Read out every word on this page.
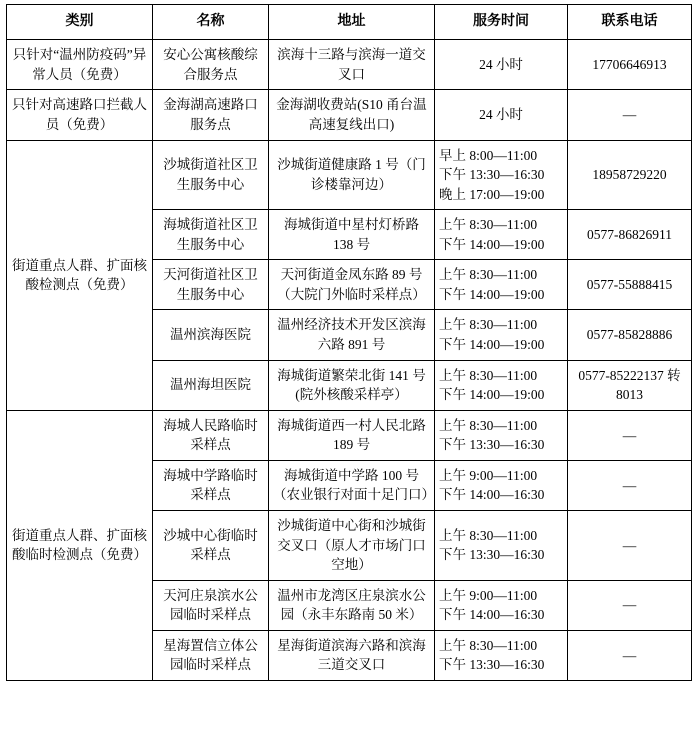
类别	名称	地址	服务时间	联系电话
只针对“温州防疫码”异常人员（免费）	安心公寓核酸综合服务点	滨海十三路与滨海一道交叉口	24 小时	17706646913
只针对高速路口拦截人员（免费）	金海湖高速路口服务点	金海湖收费站(S10 甬台温高速复线出口)	24 小时	—
街道重点人群、扩面核酸检测点（免费）	沙城街道社区卫生服务中心	沙城街道健康路 1 号（门诊楼靠河边）	早上 8:00—11:00
下午 13:30—16:30
晚上 17:00—19:00	18958729220
	海城街道社区卫生服务中心	海城街道中星村灯桥路 138 号	上午 8:30—11:00
下午 14:00—19:00	0577-86826911
	天河街道社区卫生服务中心	天河街道金凤东路 89 号（大院门外临时采样点）	上午 8:30—11:00
下午 14:00—19:00	0577-55888415
	温州滨海医院	温州经济技术开发区滨海六路 891 号	上午 8:30—11:00
下午 14:00—19:00	0577-85828886
	温州海坦医院	海城街道繁荣北街 141 号(院外核酸采样亭）	上午 8:30—11:00
下午 14:00—19:00	0577-85222137 转 8013
街道重点人群、扩面核酸临时检测点（免费）	海城人民路临时采样点	海城街道西一村人民北路 189 号	上午 8:30—11:00
下午 13:30—16:30	—
	海城中学路临时采样点	海城街道中学路 100 号（农业银行对面十足门口）	上午 9:00—11:00
下午 14:00—16:30	—
	沙城中心街临时采样点	沙城街道中心街和沙城街交叉口（原人才市场门口空地）	上午 8:30—11:00
下午 13:30—16:30	—
	天河庄泉滨水公园临时采样点	温州市龙湾区庄泉滨水公园（永丰东路南 50 米）	上午 9:00—11:00
下午 14:00—16:30	—
	星海置信立体公园临时采样点	星海街道滨海六路和滨海三道交叉口	上午 8:30—11:00
下午 13:30—16:30	—
